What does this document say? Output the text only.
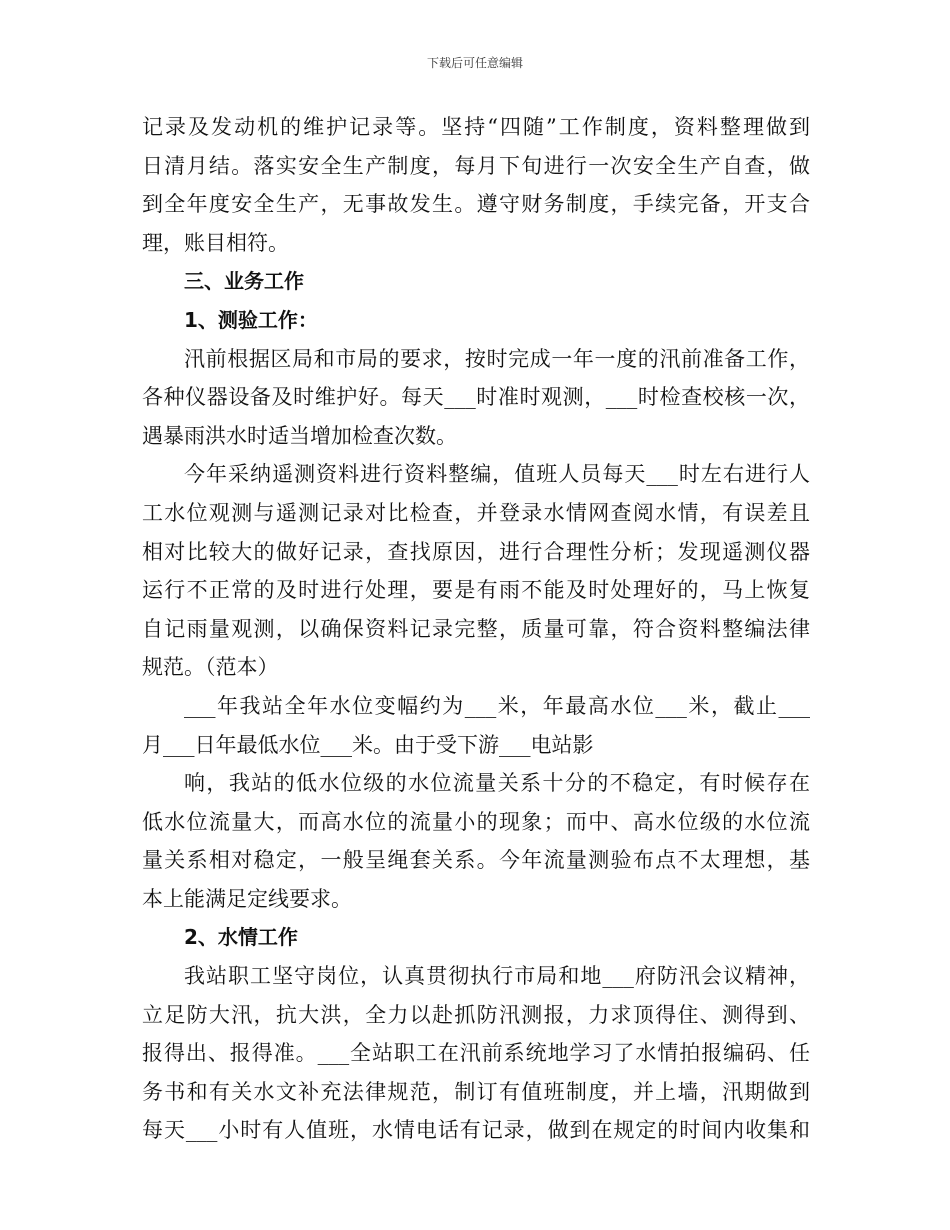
下载后可任意编辑
记录及发动机的维护记录等。坚持“四随”工作制度，资料整理做到
日清月结。落实安全生产制度，每月下旬进行一次安全生产自查，做
到全年度安全生产，无事故发生。遵守财务制度，手续完备，开支合
理，账目相符。
三、业务工作
1、测验工作：
汛前根据区局和市局的要求，按时完成一年一度的汛前准备工作，
各种仪器设备及时维护好。每天___时准时观测，___时检查校核一次，
遇暴雨洪水时适当增加检查次数。
今年采纳遥测资料进行资料整编，值班人员每天___时左右进行人
工水位观测与遥测记录对比检查，并登录水情网查阅水情，有误差且
相对比较大的做好记录，查找原因，进行合理性分析；发现遥测仪器
运行不正常的及时进行处理，要是有雨不能及时处理好的，马上恢复
自记雨量观测，以确保资料记录完整，质量可靠，符合资料整编法律
规范。（范本）
___年我站全年水位变幅约为___米，年最高水位___米，截止___
月___日年最低水位___米。由于受下游___电站影
响，我站的低水位级的水位流量关系十分的不稳定，有时候存在
低水位流量大，而高水位的流量小的现象；而中、高水位级的水位流
量关系相对稳定，一般呈绳套关系。今年流量测验布点不太理想，基
本上能满足定线要求。
2、水情工作
我站职工坚守岗位，认真贯彻执行市局和地___府防汛会议精神，
立足防大汛，抗大洪，全力以赴抓防汛测报，力求顶得住、测得到、
报得出、报得准。___全站职工在汛前系统地学习了水情拍报编码、任
务书和有关水文补充法律规范，制订有值班制度，并上墙，汛期做到
每天___小时有人值班，水情电话有记录，做到在规定的时间内收集和
